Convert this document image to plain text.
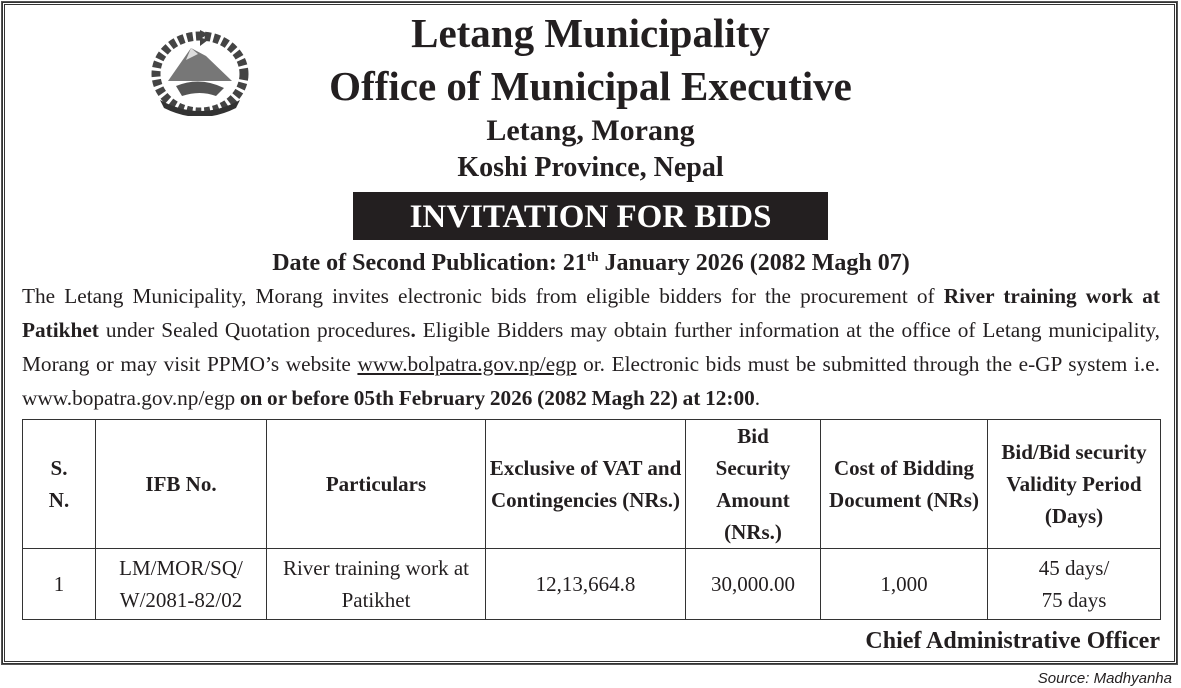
Letang Municipality
Office of Municipal Executive
Letang, Morang
Koshi Province, Nepal
INVITATION FOR BIDS
Date of Second Publication: 21th January 2026 (2082 Magh 07)
The Letang Municipality, Morang invites electronic bids from eligible bidders for the procurement of River training work at Patikhet under Sealed Quotation procedures. Eligible Bidders may obtain further information at the office of Letang municipality, Morang or may visit PPMO’s website www.bolpatra.gov.np/egp or. Electronic bids must be submitted through the e-GP system i.e. www.bopatra.gov.np/egp on or before 05th February 2026 (2082 Magh 22) at 12:00.
S. N.	IFB No.	Particulars	Exclusive of VAT and Contingencies (NRs.)	Bid Security Amount (NRs.)	Cost of Bidding Document (NRs)	Bid/Bid security Validity Period (Days)
1	LM/MOR/SQ/ W/2081-82/02	River training work at Patikhet	12,13,664.8	30,000.00	1,000	45 days/ 75 days
Chief Administrative Officer
Source: Madhyanha
